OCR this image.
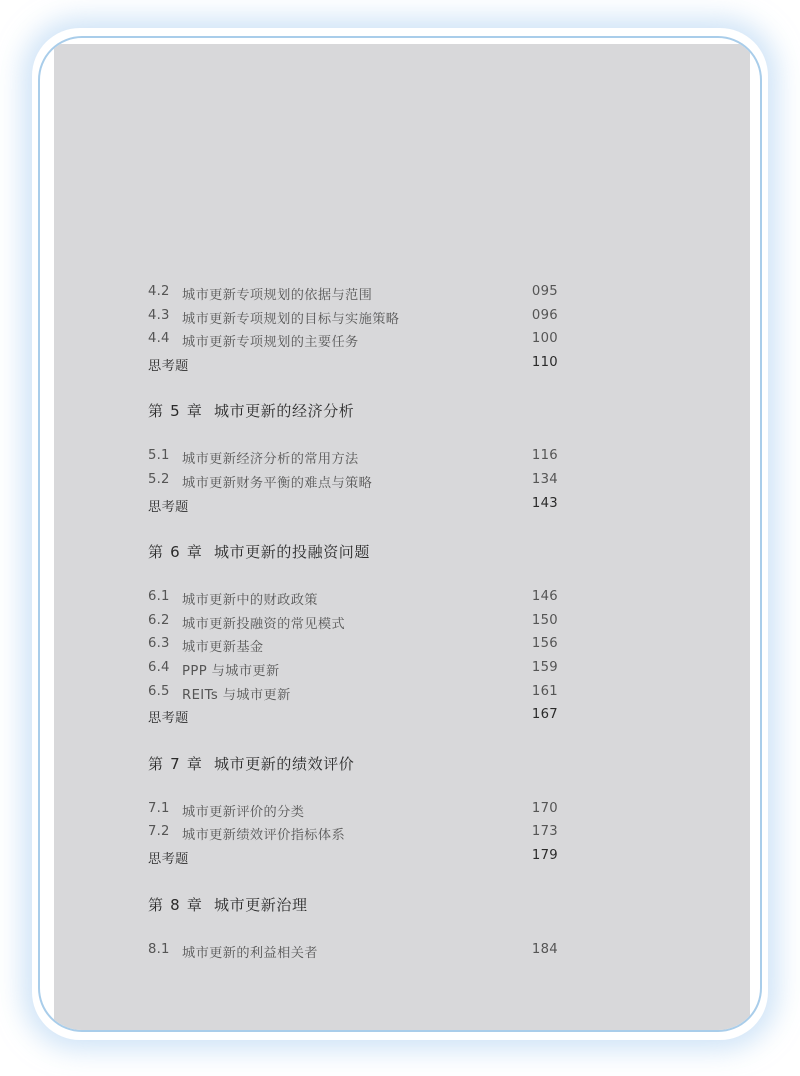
4.2 城市更新专项规划的依据与范围	095
4.3 城市更新专项规划的目标与实施策略	096
4.4 城市更新专项规划的主要任务	100
思考题	110
第 5 章 城市更新的经济分析
5.1 城市更新经济分析的常用方法	116
5.2 城市更新财务平衡的难点与策略	134
思考题	143
第 6 章 城市更新的投融资问题
6.1 城市更新中的财政政策	146
6.2 城市更新投融资的常见模式	150
6.3 城市更新基金	156
6.4 PPP 与城市更新	159
6.5 REITs 与城市更新	161
思考题	167
第 7 章 城市更新的绩效评价
7.1 城市更新评价的分类	170
7.2 城市更新绩效评价指标体系	173
思考题	179
第 8 章 城市更新治理
8.1 城市更新的利益相关者	184
